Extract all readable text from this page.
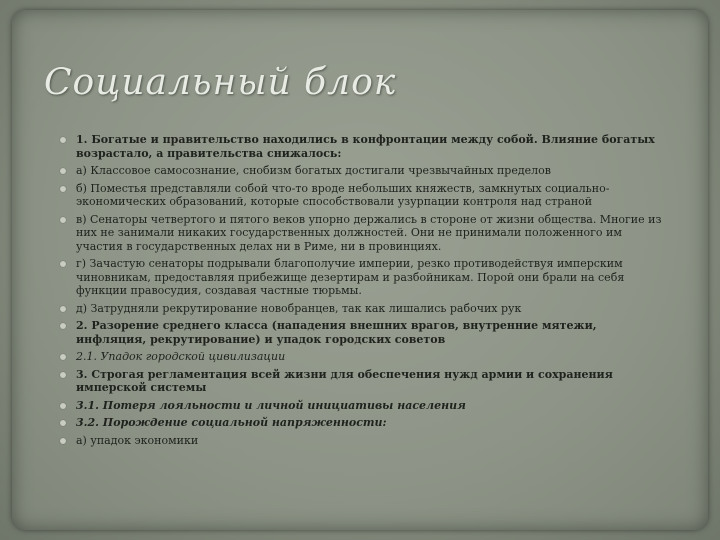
Социальный блок
1. Богатые и правительство находились в конфронтации между собой. Влияние богатых возрастало, а правительства снижалось:
а) Классовое самосознание, снобизм богатых достигали чрезвычайных пределов
б) Поместья представляли собой что-то вроде небольших княжеств, замкнутых социально-экономических образований, которые способствовали узурпации контроля над страной
в) Сенаторы четвертого и пятого веков упорно держались в стороне от жизни общества. Многие из них не занимали никаких государственных должностей. Они не принимали положенного им участия в государственных делах ни в Риме, ни в провинциях.
г) Зачастую сенаторы подрывали благополучие империи, резко противодействуя имперским чиновникам, предоставляя прибежище дезертирам и разбойникам. Порой они брали на себя функции правосудия, создавая частные тюрьмы.
д) Затрудняли рекрутирование новобранцев, так как лишались рабочих рук
2. Разорение среднего класса (нападения внешних врагов, внутренние мятежи, инфляция, рекрутирование) и упадок городских советов
2.1. Упадок городской цивилизации
3. Строгая регламентация всей жизни для обеспечения нужд армии и сохранения имперской системы
3.1. Потеря лояльности и личной инициативы населения
3.2. Порождение социальной напряженности:
а) упадок экономики
